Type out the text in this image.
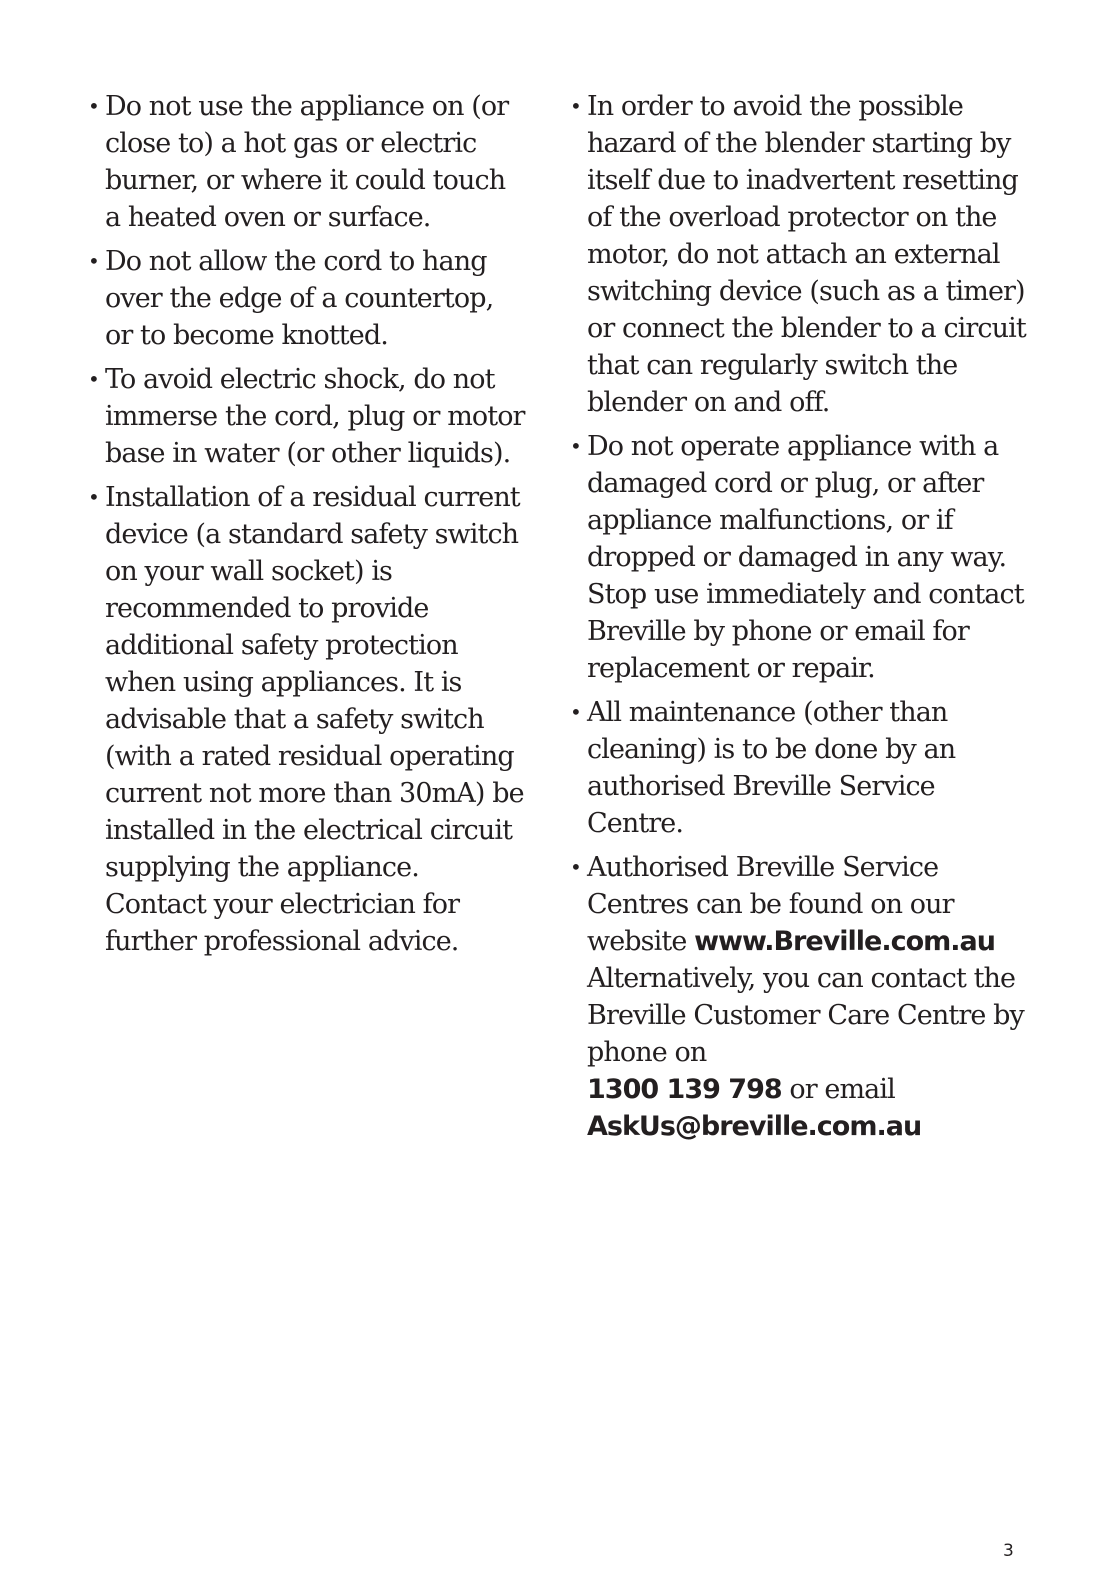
• Do not use the appliance on (or close to) a hot gas or electric burner, or where it could touch a heated oven or surface.
• Do not allow the cord to hang over the edge of a countertop, or to become knotted.
• To avoid electric shock, do not immerse the cord, plug or motor base in water (or other liquids).
• Installation of a residual current device (a standard safety switch on your wall socket) is recommended to provide additional safety protection when using appliances. It is advisable that a safety switch (with a rated residual operating current not more than 30mA) be installed in the electrical circuit supplying the appliance. Contact your electrician for further professional advice.
• In order to avoid the possible hazard of the blender starting by itself due to inadvertent resetting of the overload protector on the motor, do not attach an external switching device (such as a timer) or connect the blender to a circuit that can regularly switch the blender on and off.
• Do not operate appliance with a damaged cord or plug, or after appliance malfunctions, or if dropped or damaged in any way. Stop use immediately and contact Breville by phone or email for replacement or repair.
• All maintenance (other than cleaning) is to be done by an authorised Breville Service Centre.
• Authorised Breville Service Centres can be found on our website www.Breville.com.au Alternatively, you can contact the Breville Customer Care Centre by phone on
1300 139 798 or email
AskUs@breville.com.au
3
